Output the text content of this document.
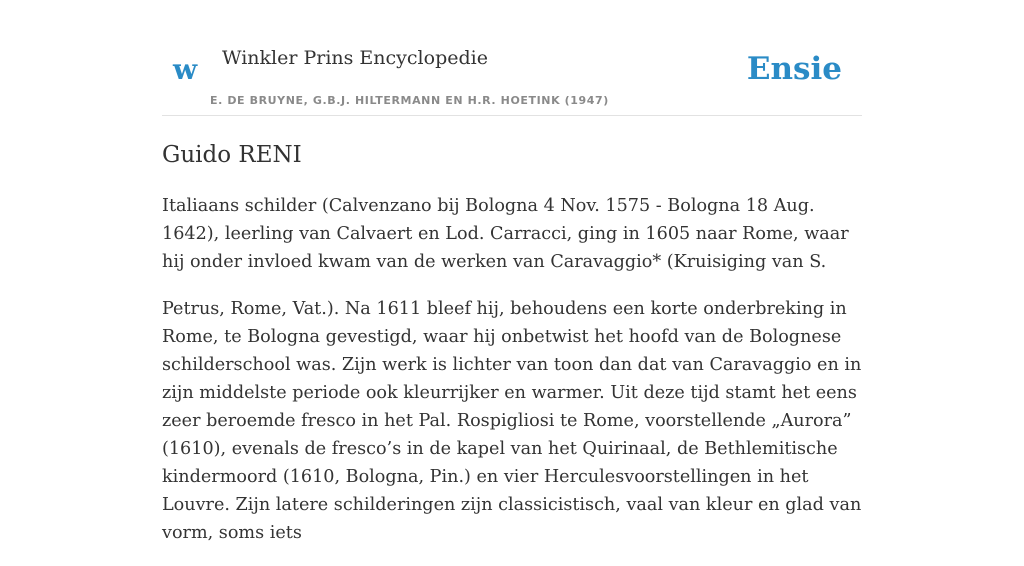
w Winkler Prins Encyclopedie
E. DE BRUYNE, G.B.J. HILTERMANN EN H.R. HOETINK (1947)
Ensie
Guido RENI

Italiaans schilder (Calvenzano bij Bologna 4 Nov. 1575 - Bologna 18 Aug. 1642), leerling van Calvaert en Lod. Carracci, ging in 1605 naar Rome, waar hij onder invloed kwam van de werken van Caravaggio* (Kruisiging van S.

Petrus, Rome, Vat.). Na 1611 bleef hij, behoudens een korte onderbreking in Rome, te Bologna gevestigd, waar hij onbetwist het hoofd van de Bolognese schilderschool was. Zijn werk is lichter van toon dan dat van Caravaggio en in zijn middelste periode ook kleurrijker en warmer. Uit deze tijd stamt het eens zeer beroemde fresco in het Pal. Rospigliosi te Rome, voorstellende „Aurora” (1610), evenals de fresco’s in de kapel van het Quirinaal, de Bethlemitische kindermoord (1610, Bologna, Pin.) en vier Herculesvoorstellingen in het Louvre. Zijn latere schilderingen zijn classicistisch, vaal van kleur en glad van vorm, soms iets
